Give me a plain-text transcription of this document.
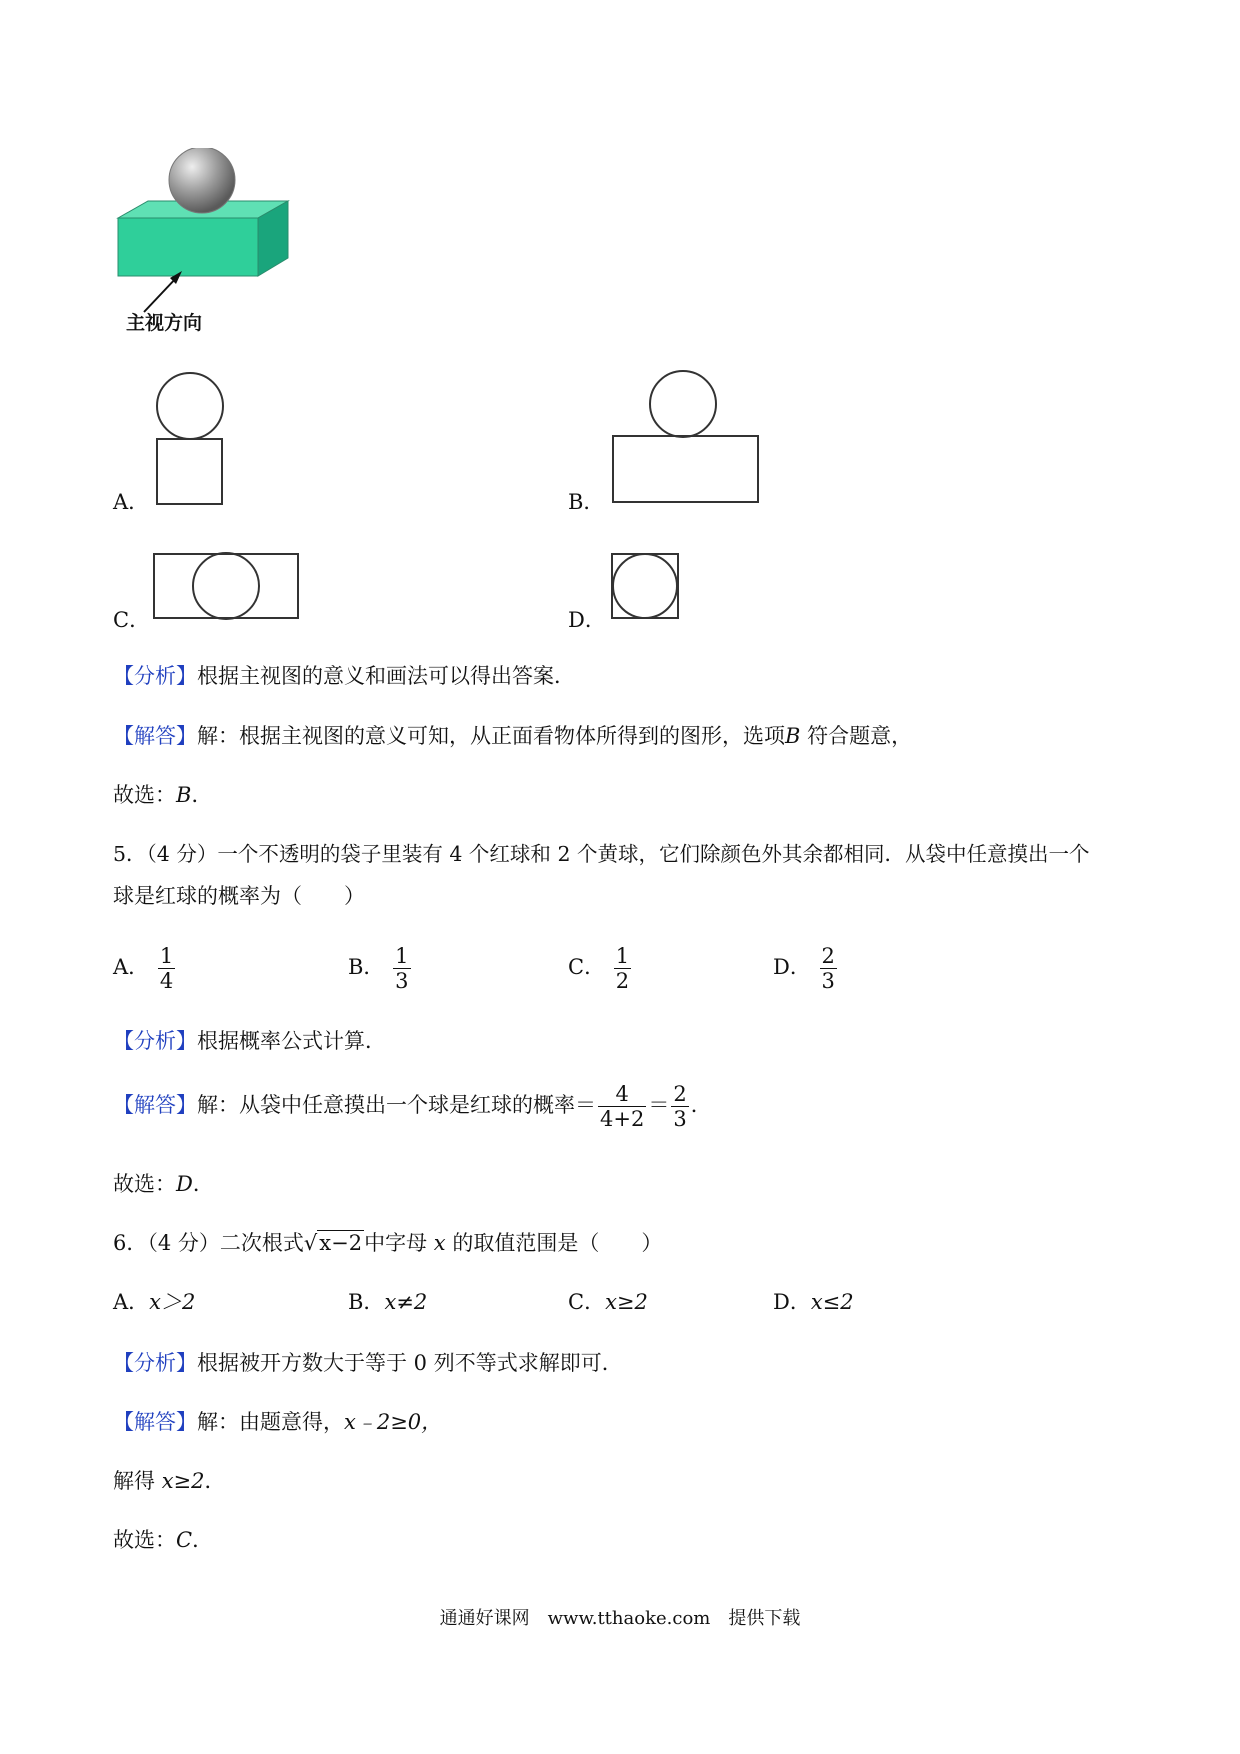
主视方向
A．	B．
C．	D．
【分析】根据主视图的意义和画法可以得出答案．
【解答】解：根据主视图的意义可知，从正面看物体所得到的图形，选项B 符合题意，
故选：B．
5．（4 分）一个不透明的袋子里装有 4 个红球和 2 个黄球，它们除颜色外其余都相同．从袋中任意摸出一个
球是红球的概率为（　　）
A． $\frac{1}{4}$	B． $\frac{1}{3}$	C． $\frac{1}{2}$	D． $\frac{2}{3}$
【分析】根据概率公式计算．
【解答】解：从袋中任意摸出一个球是红球的概率＝ $\frac{4}{4+2} = \frac{2}{3}$ ．
故选：D．
6．（4 分）二次根式√x−2中字母 x 的取值范围是（　　）
A．x＞2	B．x≠2	C．x≥2	D．x≤2
【分析】根据被开方数大于等于 0 列不等式求解即可．
【解答】解：由题意得，x﹣2≥0，
解得 x≥2．
故选：C．
通通好课网　www.tthaoke.com　提供下载
